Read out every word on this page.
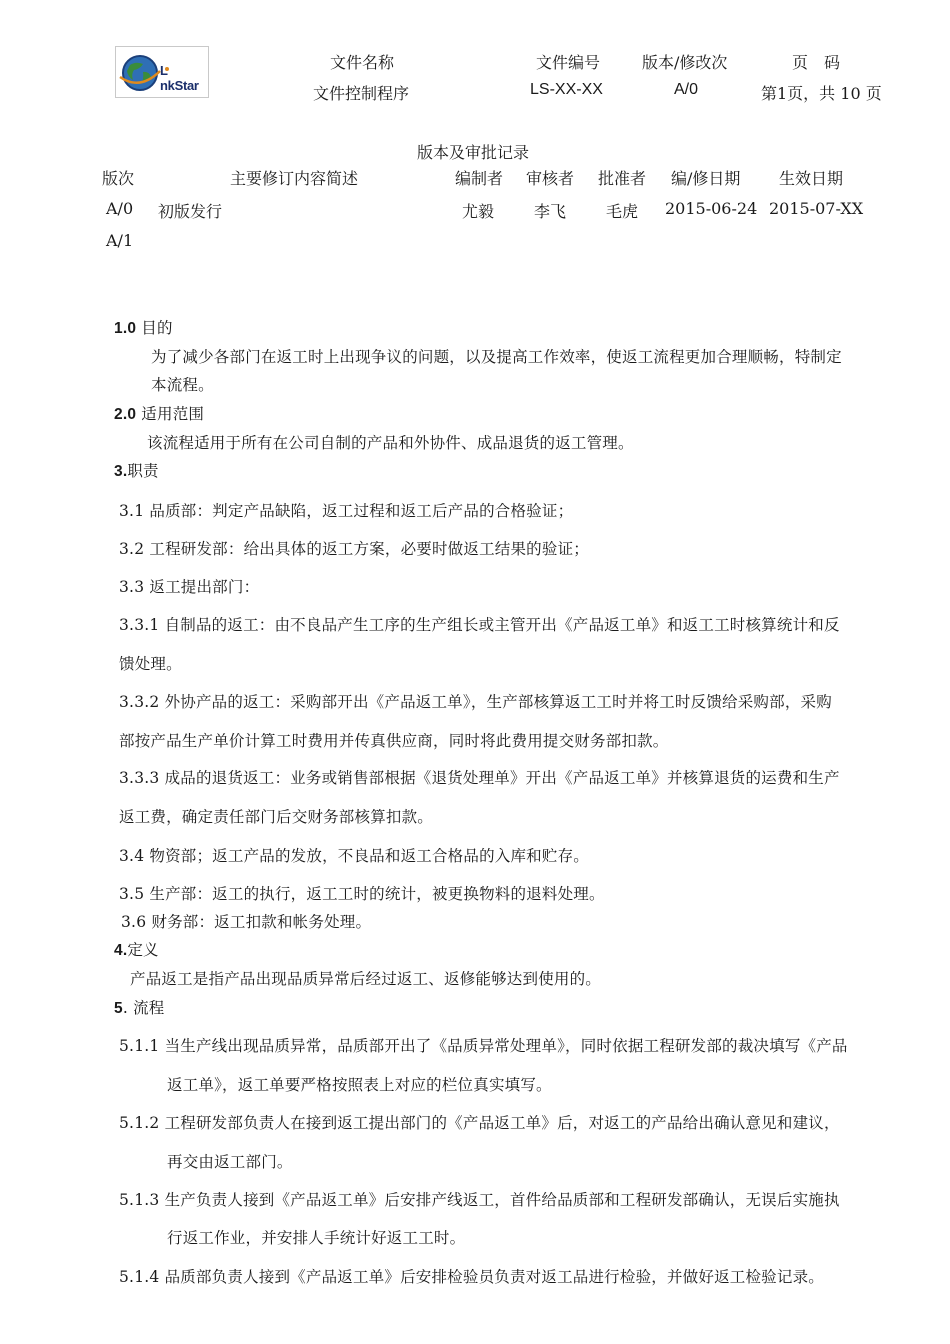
L nkStar
文件名称	文件编号	版本/修改次	页　码
文件控制程序	LS-XX-XX	A/0	第1页，共 10 页
版本及审批记录
版次	主要修订内容简述	编制者 审核者 批准者 编/修日期 生效日期
A/0 初版发行	尤毅 李飞 毛虎 2015-06-24 2015-07-XX
A/1
1.0 目的
为了减少各部门在返工时上出现争议的问题，以及提高工作效率，使返工流程更加合理顺畅，特制定
本流程。
2.0 适用范围
该流程适用于所有在公司自制的产品和外协件、成品退货的返工管理。
3.职责
3.1 品质部：判定产品缺陷，返工过程和返工后产品的合格验证；
3.2 工程研发部：给出具体的返工方案，必要时做返工结果的验证；
3.3 返工提出部门：
3.3.1 自制品的返工：由不良品产生工序的生产组长或主管开出《产品返工单》和返工工时核算统计和反
馈处理。
3.3.2 外协产品的返工：采购部开出《产品返工单》，生产部核算返工工时并将工时反馈给采购部，采购
部按产品生产单价计算工时费用并传真供应商，同时将此费用提交财务部扣款。
3.3.3 成品的退货返工：业务或销售部根据《退货处理单》开出《产品返工单》并核算退货的运费和生产
返工费，确定责任部门后交财务部核算扣款。
3.4 物资部；返工产品的发放，不良品和返工合格品的入库和贮存。
3.5 生产部：返工的执行，返工工时的统计，被更换物料的退料处理。
3.6 财务部：返工扣款和帐务处理。
4.定义
产品返工是指产品出现品质异常后经过返工、返修能够达到使用的。
5. 流程
5.1.1 当生产线出现品质异常，品质部开出了《品质异常处理单》，同时依据工程研发部的裁决填写《产品
返工单》，返工单要严格按照表上对应的栏位真实填写。
5.1.2 工程研发部负责人在接到返工提出部门的《产品返工单》后，对返工的产品给出确认意见和建议，
再交由返工部门。
5.1.3 生产负责人接到《产品返工单》后安排产线返工，首件给品质部和工程研发部确认，无误后实施执
行返工作业，并安排人手统计好返工工时。
5.1.4 品质部负责人接到《产品返工单》后安排检验员负责对返工品进行检验，并做好返工检验记录。
